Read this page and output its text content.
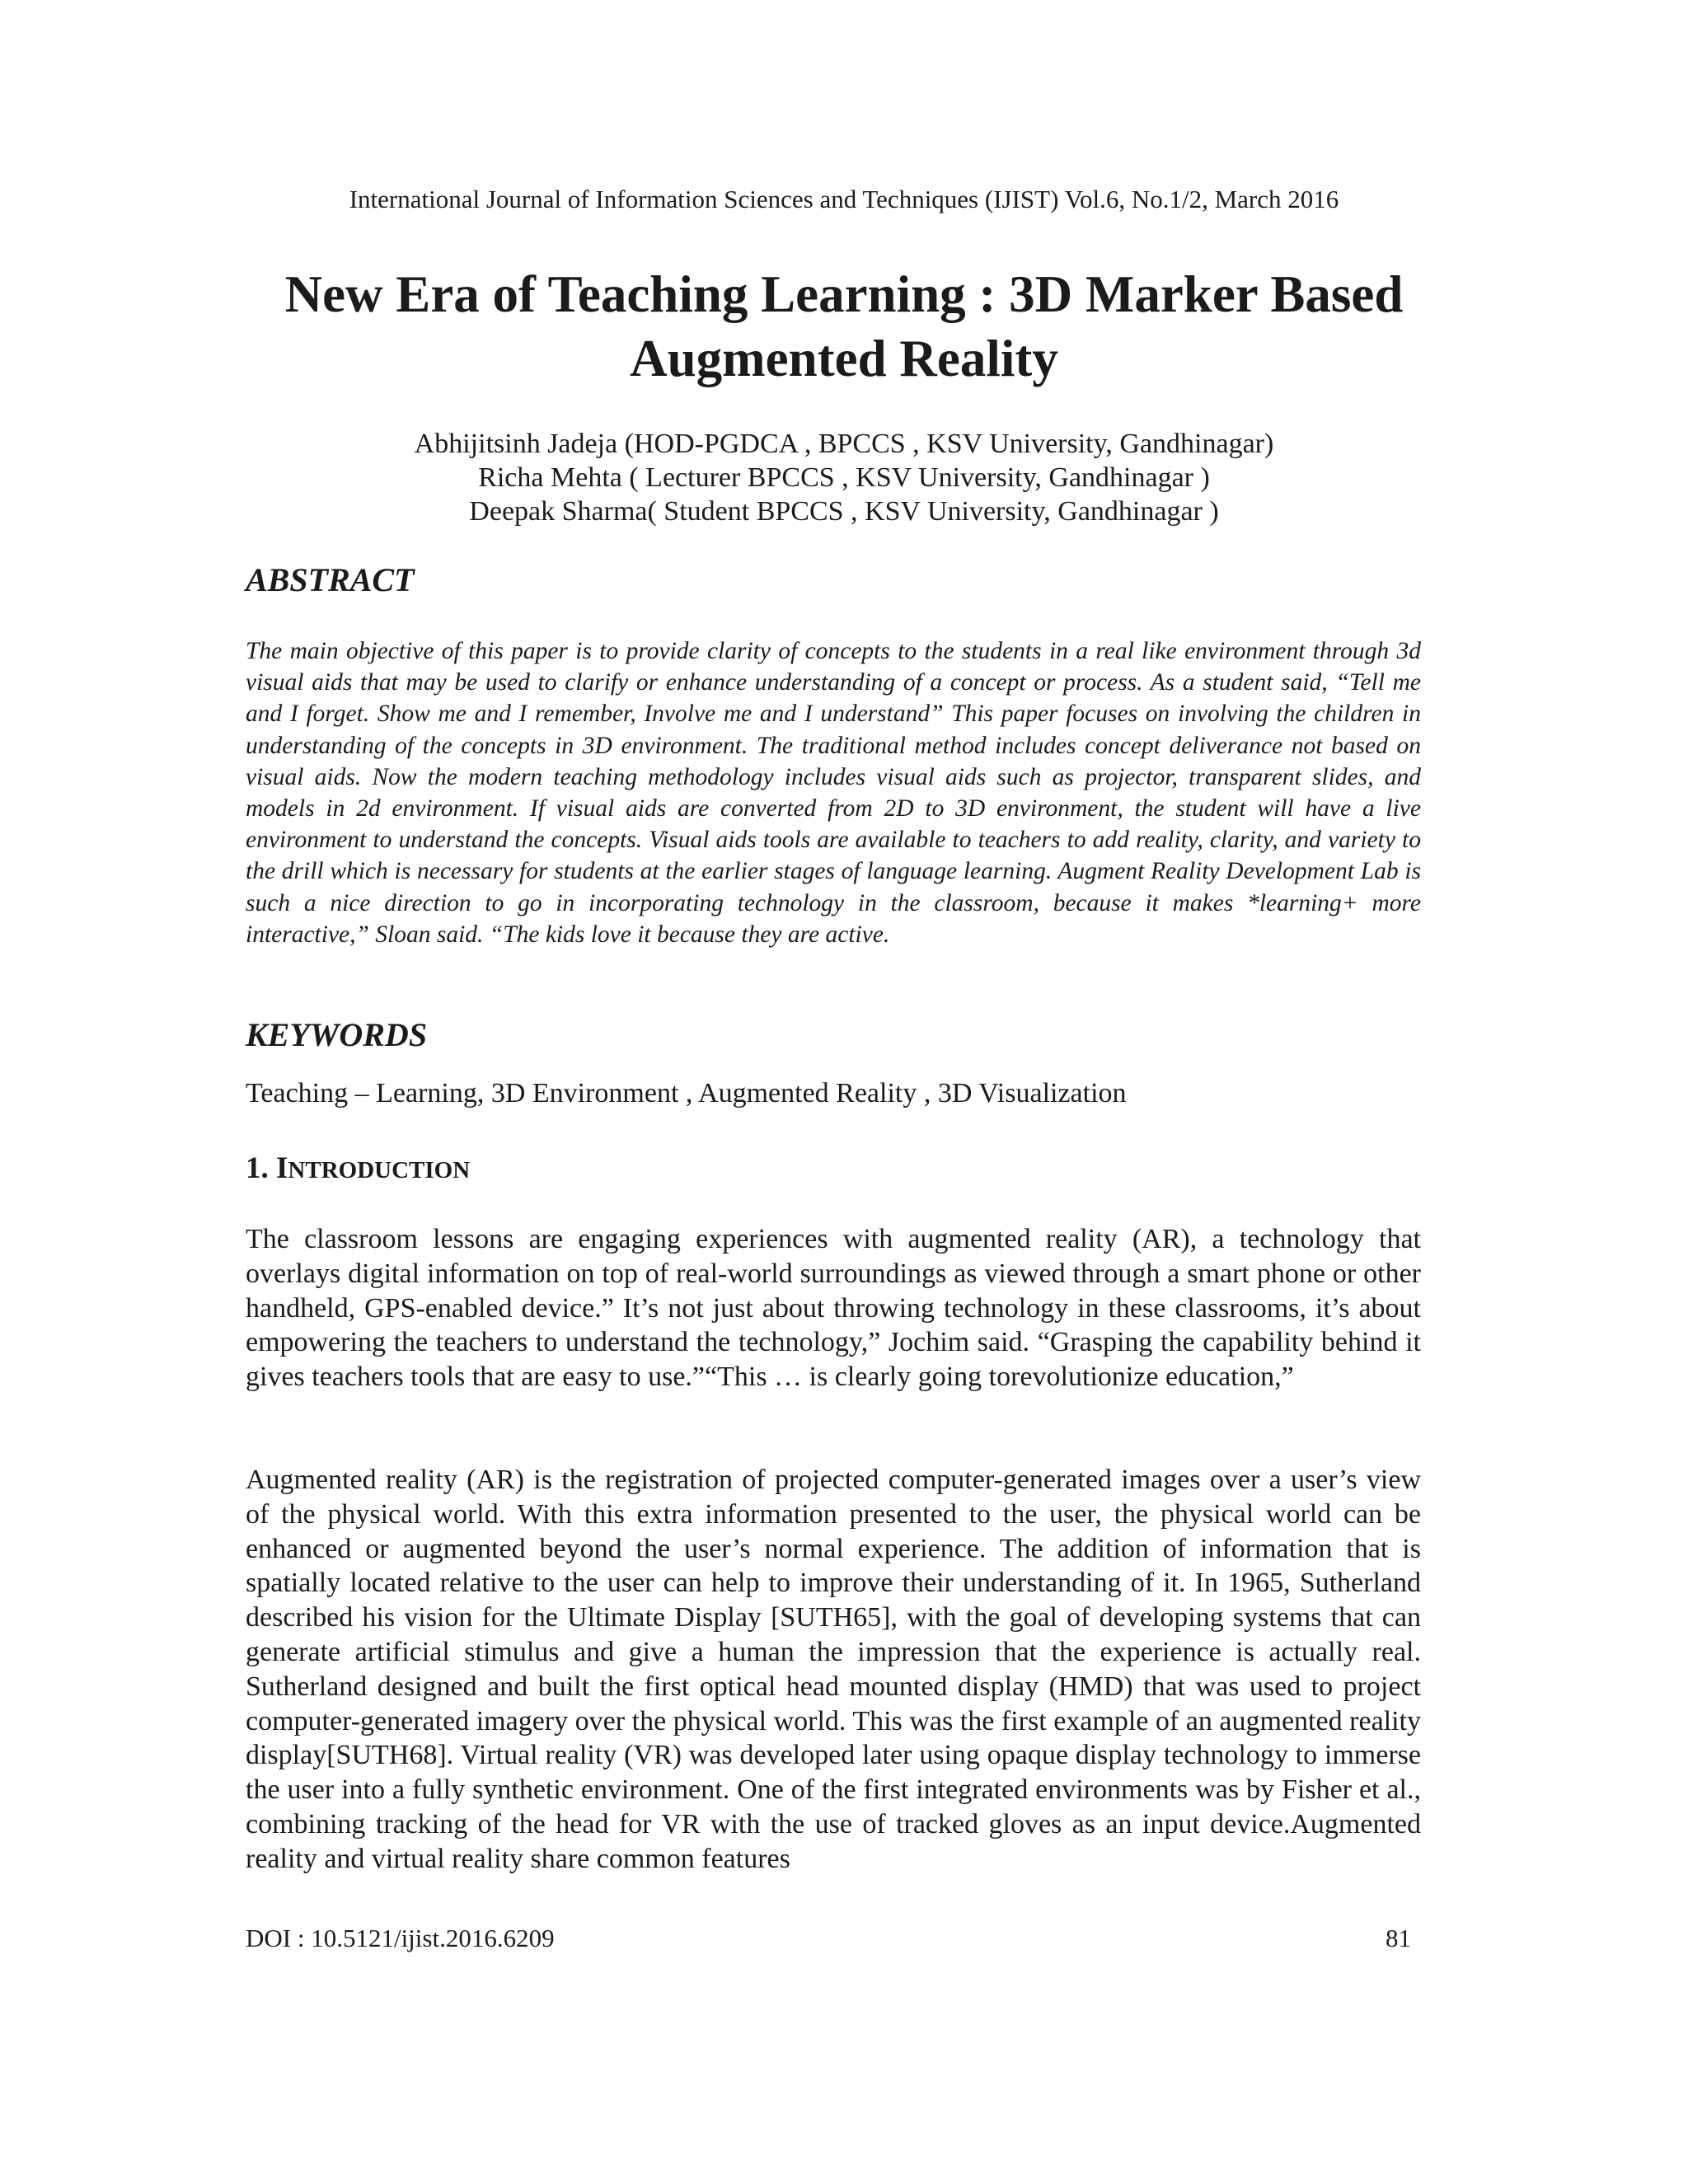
International Journal of Information Sciences and Techniques (IJIST) Vol.6, No.1/2, March 2016
New Era of Teaching Learning : 3D Marker Based Augmented Reality
Abhijitsinh Jadeja (HOD-PGDCA , BPCCS , KSV University, Gandhinagar)
Richa Mehta ( Lecturer BPCCS , KSV University, Gandhinagar )
Deepak Sharma( Student BPCCS , KSV University, Gandhinagar )
ABSTRACT

The main objective of this paper is to provide clarity of concepts to the students in a real like environment through 3d visual aids that may be used to clarify or enhance understanding of a concept or process. As a student said, “Tell me and I forget. Show me and I remember, Involve me and I understand” This paper focuses on involving the children in understanding of the concepts in 3D environment. The traditional method includes concept deliverance not based on visual aids. Now the modern teaching methodology includes visual aids such as projector, transparent slides, and models in 2d environment. If visual aids are converted from 2D to 3D environment, the student will have a live environment to understand the concepts. Visual aids tools are available to teachers to add reality, clarity, and variety to the drill which is necessary for students at the earlier stages of language learning. Augment Reality Development Lab is such a nice direction to go in incorporating technology in the classroom, because it makes *learning+ more interactive,” Sloan said. “The kids love it because they are active.

KEYWORDS

Teaching – Learning, 3D Environment , Augmented Reality , 3D Visualization

1. INTRODUCTION

The classroom lessons are engaging experiences with augmented reality (AR), a technology that overlays digital information on top of real-world surroundings as viewed through a smart phone or other handheld, GPS-enabled device.” It’s not just about throwing technology in these classrooms, it’s about empowering the teachers to understand the technology,” Jochim said. “Grasping the capability behind it gives teachers tools that are easy to use.”“This … is clearly going torevolutionize education,”

Augmented reality (AR) is the registration of projected computer-generated images over a user’s view of the physical world. With this extra information presented to the user, the physical world can be enhanced or augmented beyond the user’s normal experience. The addition of information that is spatially located relative to the user can help to improve their understanding of it. In 1965, Sutherland described his vision for the Ultimate Display [SUTH65], with the goal of developing systems that can generate artificial stimulus and give a human the impression that the experience is actually real. Sutherland designed and built the first optical head mounted display (HMD) that was used to project computer-generated imagery over the physical world. This was the first example of an augmented reality display[SUTH68]. Virtual reality (VR) was developed later using opaque display technology to immerse the user into a fully synthetic environment. One of the first integrated environments was by Fisher et al., combining tracking of the head for VR with the use of tracked gloves as an input device.Augmented reality and virtual reality share common features

DOI : 10.5121/ijist.2016.6209	81
